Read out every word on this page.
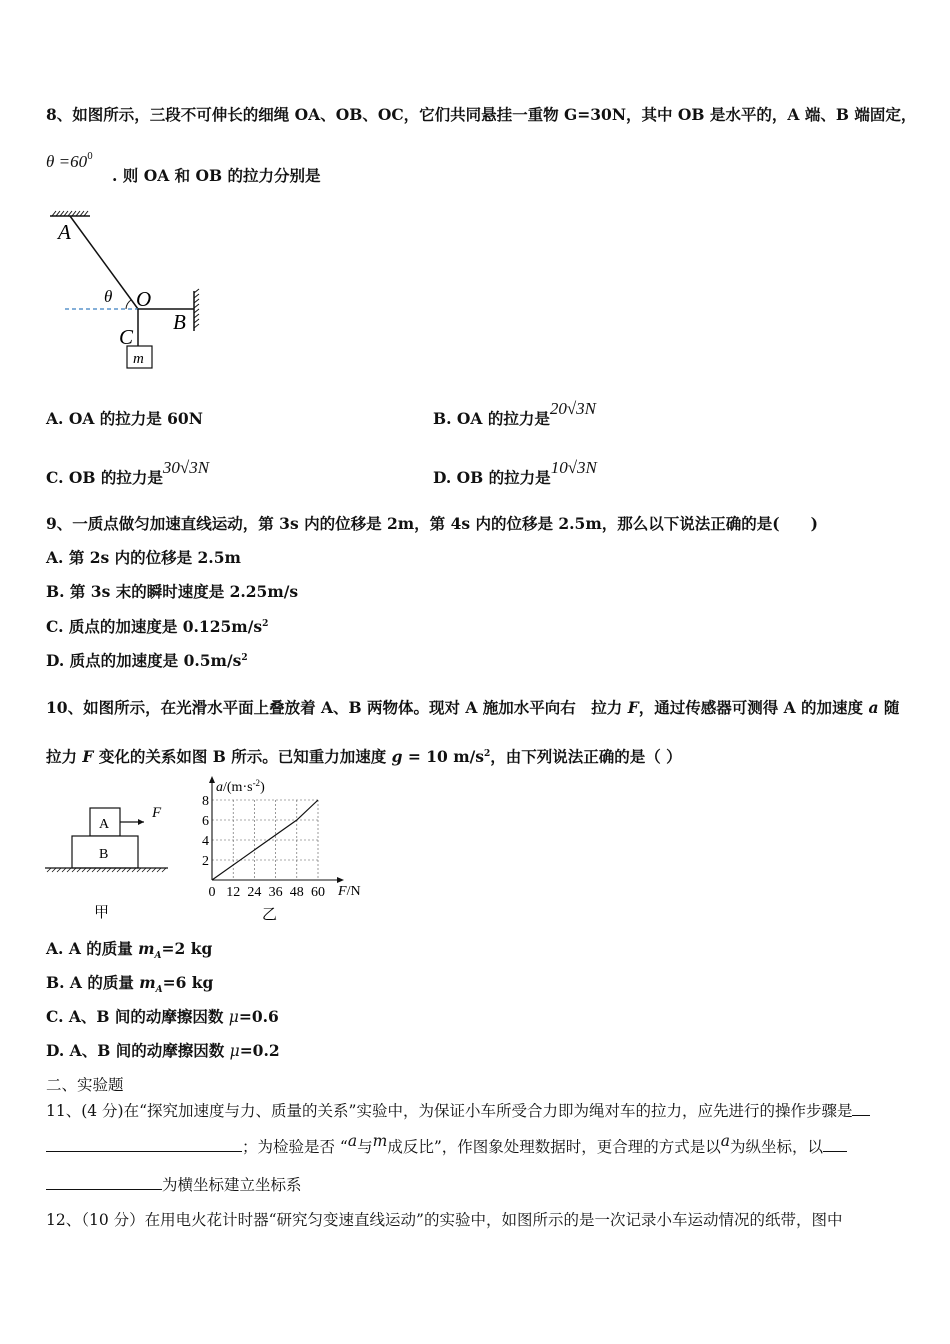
8、如图所示，三段不可伸长的细绳 OA、OB、OC，它们共同悬挂一重物 G=30N，其中 OB 是水平的，A 端、B 端固定，
$\theta =60^0$
. 则 OA 和 OB 的拉力分别是
A
O
B
C
θ
m
A. OA 的拉力是 60N	B. OA 的拉力是20√3N
C. OB 的拉力是30√3N
D. OB 的拉力是10√3N
9、一质点做匀加速直线运动，第 3s 内的位移是 2m，第 4s 内的位移是 2.5m，那么以下说法正确的是(　　)
A. 第 2s 内的位移是 2.5m
B. 第 3s 末的瞬时速度是 2.25m/s
C. 质点的加速度是 $0.125m/s^2$
D. 质点的加速度是 $0.5m/s^2$
10、如图所示，在光滑水平面上叠放着 A、B 两物体。现对 A 施加水平向右　拉力 F，通过传感器可测得 A 的加速度 a 随
拉力 F 变化的关系如图 B 所示。已知重力加速度 g = 10 $m/s^2$，由下列说法正确的是（ ）
A
B
F
甲
0 12 24 36 48 60
2
4
6
8
$a/(m\cdot s^{-2})$
F/N
乙
A. A 的质量 $m_A=2$ kg
B. A 的质量 $m_A=6$ kg
C. A、B 间的动摩擦因数 μ=0.6
D. A、B 间的动摩擦因数 μ=0.2
二、实验题
11、(4 分)在“探究加速度与力、质量的关系”实验中，为保证小车所受合力即为绳对车的拉力，应先进行的操作步骤是
；为检验是否 “a与m成反比”，作图象处理数据时，更合理的方式是以a为纵坐标，以
为横坐标建立坐标系
12、（10 分）在用电火花计时器“研究匀变速直线运动”的实验中，如图所示的是一次记录小车运动情况的纸带，图中
